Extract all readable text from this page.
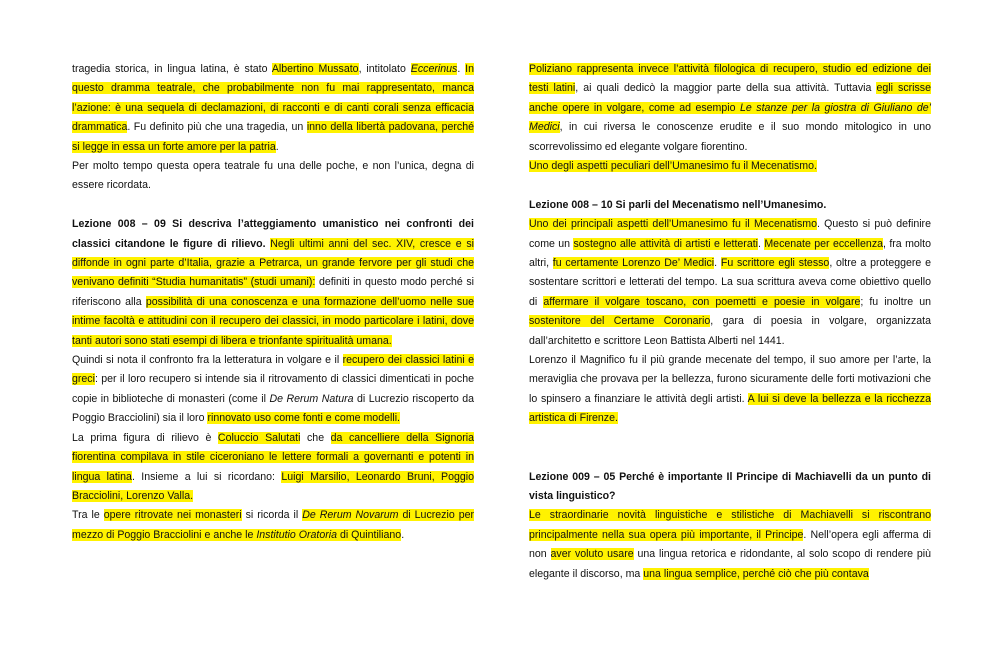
tragedia storica, in lingua latina, è stato Albertino Mussato, intitolato Eccerinus. In questo dramma teatrale, che probabilmente non fu mai rappresentato, manca l’azione: è una sequela di declamazioni, di racconti e di canti corali senza efficacia drammatica. Fu definito più che una tragedia, un inno della libertà padovana, perché si legge in essa un forte amore per la patria.

Per molto tempo questa opera teatrale fu una delle poche, e non l’unica, degna di essere ricordata.

Lezione 008 – 09 Si descriva l’atteggiamento umanistico nei confronti dei classici citandone le figure di rilievo. Negli ultimi anni del sec. XIV, cresce e si diffonde in ogni parte d’Italia, grazie a Petrarca, un grande fervore per gli studi che venivano definiti “Studia humanitatis” (studi umani): definiti in questo modo perché si riferiscono alla possibilità di una conoscenza e una formazione dell’uomo nelle sue intime facoltà e attitudini con il recupero dei classici, in modo particolare i latini, dove tanti autori sono stati esempi di libera e trionfante spiritualità umana.

Quindi si nota il confronto fra la letteratura in volgare e il recupero dei classici latini e greci: per il loro recupero si intende sia il ritrovamento di classici dimenticati in poche copie in biblioteche di monasteri (come il De Rerum Natura di Lucrezio riscoperto da Poggio Bracciolini) sia il loro rinnovato uso come fonti e come modelli.

La prima figura di rilievo è Coluccio Salutati che da cancelliere della Signoria fiorentina compilava in stile ciceroniano le lettere formali a governanti e potenti in lingua latina. Insieme a lui si ricordano: Luigi Marsilio, Leonardo Bruni, Poggio Bracciolini, Lorenzo Valla.

Tra le opere ritrovate nei monasteri si ricorda il De Rerum Novarum di Lucrezio per mezzo di Poggio Bracciolini e anche le Institutio Oratoria di Quintiliano.

Poliziano rappresenta invece l’attività filologica di recupero, studio ed edizione dei testi latini, ai quali dedicò la maggior parte della sua attività. Tuttavia egli scrisse anche opere in volgare, come ad esempio Le stanze per la giostra di Giuliano de’ Medici, in cui riversa le conoscenze erudite e il suo mondo mitologico in uno scorrevolissimo ed elegante volgare fiorentino.

Uno degli aspetti peculiari dell’Umanesimo fu il Mecenatismo.

Lezione 008 – 10 Si parli del Mecenatismo nell’Umanesimo.

Uno dei principali aspetti dell’Umanesimo fu il Mecenatismo. Questo si può definire come un sostegno alle attività di artisti e letterati. Mecenate per eccellenza, fra molto altri, fu certamente Lorenzo De’ Medici. Fu scrittore egli stesso, oltre a proteggere e sostentare scrittori e letterati del tempo. La sua scrittura aveva come obiettivo quello di affermare il volgare toscano, con poemetti e poesie in volgare; fu inoltre un sostenitore del Certame Coronario, gara di poesia in volgare, organizzata dall’architetto e scrittore Leon Battista Alberti nel 1441.

Lorenzo il Magnifico fu il più grande mecenate del tempo, il suo amore per l’arte, la meraviglia che provava per la bellezza, furono sicuramente delle forti motivazioni che lo spinsero a finanziare le attività degli artisti. A lui si deve la bellezza e la ricchezza artistica di Firenze.

Lezione 009 – 05 Perché è importante Il Principe di Machiavelli da un punto di vista linguistico?

Le straordinarie novità linguistiche e stilistiche di Machiavelli si riscontrano principalmente nella sua opera più importante, il Principe. Nell’opera egli afferma di non aver voluto usare una lingua retorica e ridondante, al solo scopo di rendere più elegante il discorso, ma una lingua semplice, perché ciò che più contava
